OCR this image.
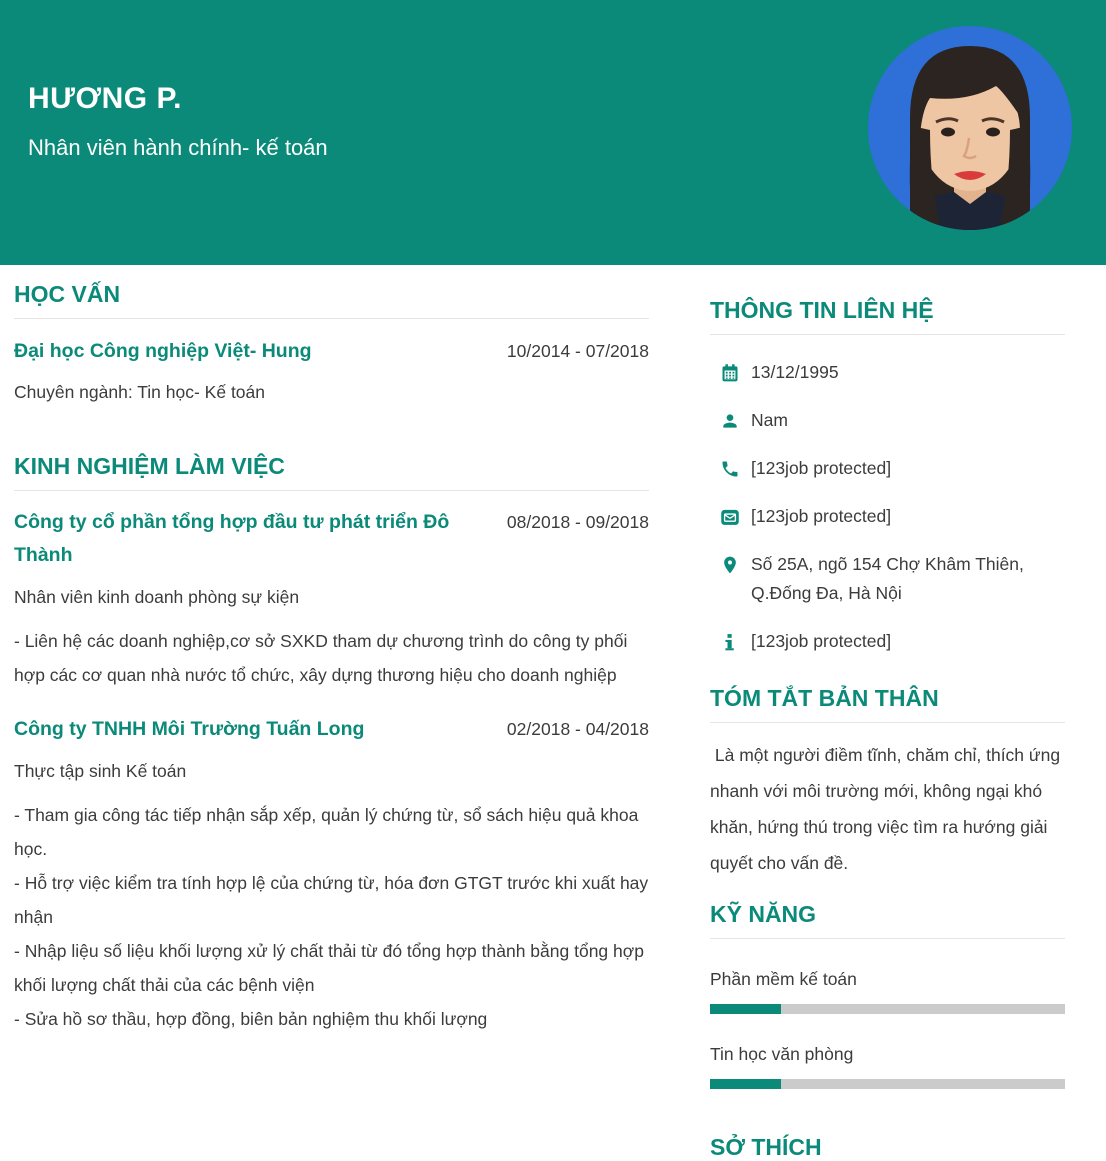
HƯƠNG P.
Nhân viên hành chính- kế toán
HỌC VẤN
Đại học Công nghiệp Việt- Hung	10/2014 - 07/2018
Chuyên ngành: Tin học- Kế toán
KINH NGHIỆM LÀM VIỆC
Công ty cổ phần tổng hợp đầu tư phát triển Đô Thành
08/2018 - 09/2018
Nhân viên kinh doanh phòng sự kiện
- Liên hệ các doanh nghiệp,cơ sở SXKD tham dự chương trình do công ty phối hợp các cơ quan nhà nước tổ chức, xây dựng thương hiệu cho doanh nghiệp
Công ty TNHH Môi Trường Tuấn Long	02/2018 - 04/2018
Thực tập sinh Kế toán
- Tham gia công tác tiếp nhận sắp xếp, quản lý chứng từ, sổ sách hiệu quả khoa học.
- Hỗ trợ việc kiểm tra tính hợp lệ của chứng từ, hóa đơn GTGT trước khi xuất hay nhận
- Nhập liệu số liệu khối lượng xử lý chất thải từ đó tổng hợp thành bằng tổng hợp khối lượng chất thải của các bệnh viện
- Sửa hồ sơ thầu, hợp đồng, biên bản nghiệm thu khối lượng
THÔNG TIN LIÊN HỆ
13/12/1995
Nam
[123job protected]
[123job protected]
Số 25A, ngõ 154 Chợ Khâm Thiên, Q.Đống Đa, Hà Nội
[123job protected]
TÓM TẮT BẢN THÂN
Là một người điềm tĩnh, chăm chỉ, thích ứng nhanh với môi trường mới, không ngại khó khăn, hứng thú trong việc tìm ra hướng giải quyết cho vấn đề.
KỸ NĂNG
Phần mềm kế toán
Tin học văn phòng
SỞ THÍCH
